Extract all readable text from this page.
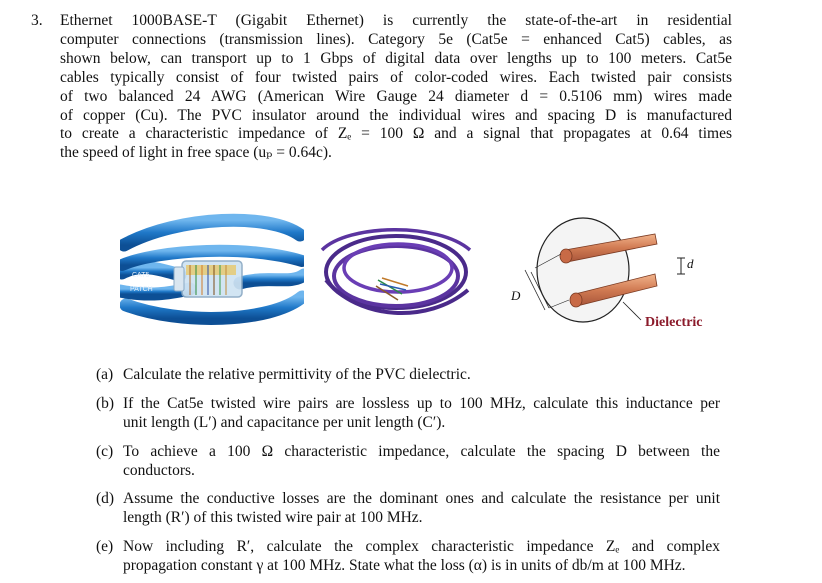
3. Ethernet 1000BASE-T (Gigabit Ethernet) is currently the state-of-the-art in residential
computer connections (transmission lines). Category 5e (Cat5e = enhanced Cat5) cables, as
shown below, can transport up to 1 Gbps of digital data over lengths up to 100 meters. Cat5e
cables typically consist of four twisted pairs of color-coded wires. Each twisted pair consists
of two balanced 24 AWG (American Wire Gauge 24 diameter d = 0.5106 mm) wires made
of copper (Cu). The PVC insulator around the individual wires and spacing D is manufactured
to create a characteristic impedance of Zₑ = 100 Ω and a signal that propagates at 0.64 times
the speed of light in free space (uₚ = 0.64c).
CAT5
PATCH	D
d
Dielectric
(a) Calculate the relative permittivity of the PVC dielectric.
(b) If the Cat5e twisted wire pairs are lossless up to 100 MHz, calculate this inductance per
unit length (L′) and capacitance per unit length (C′).
(c) To achieve a 100 Ω characteristic impedance, calculate the spacing D between the
conductors.
(d) Assume the conductive losses are the dominant ones and calculate the resistance per unit
length (R′) of this twisted wire pair at 100 MHz.
(e) Now including R′, calculate the complex characteristic impedance Zₑ and complex
propagation constant γ at 100 MHz. State what the loss (α) is in units of db/m at 100 MHz.
